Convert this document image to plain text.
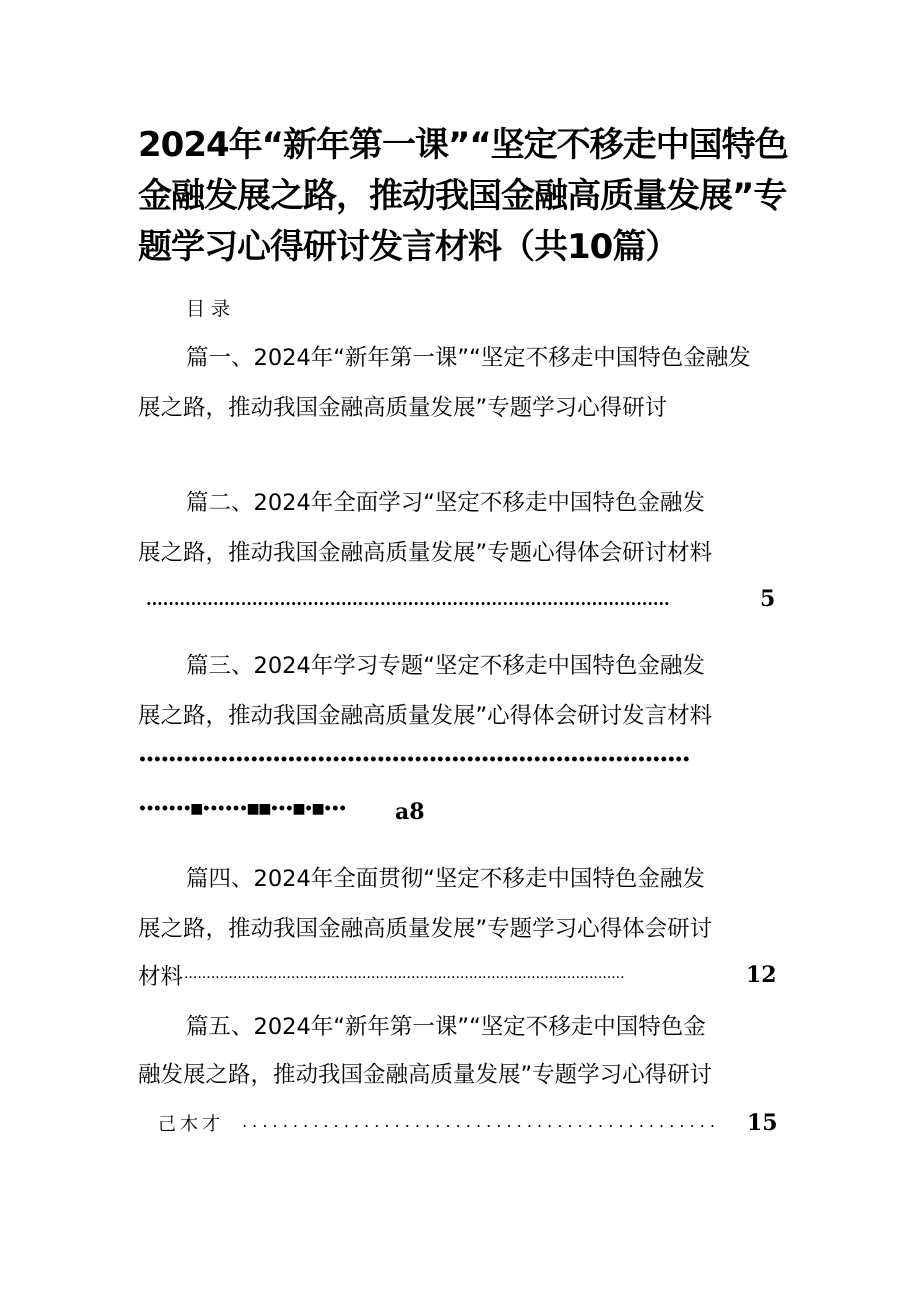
2024年“新年第一课”“坚定不移走中国特色
金融发展之路，推动我国金融高质量发展”专
题学习心得研讨发言材料（共10篇）
目录
篇一、2024年“新年第一课”“坚定不移走中国特色金融发
展之路，推动我国金融高质量发展”专题学习心得研讨
篇二、2024年全面学习“坚定不移走中国特色金融发
展之路，推动我国金融高质量发展”专题心得体会研讨材料
..............................................................................................	5
篇三、2024年学习专题“坚定不移走中国特色金融发
展之路，推动我国金融高质量发展”心得体会研讨发言材料
••••••••••••••••••••••••••••••••••••••••••••••••••••••••••••••••••••••••••
•••••••■••••••■■•••■•■•••	a8
篇四、2024年全面贯彻“坚定不移走中国特色金融发
展之路，推动我国金融高质量发展”专题学习心得体会研讨
材料 ...................................................................................................	12
篇五、2024年“新年第一课”“坚定不移走中国特色金
融发展之路，推动我国金融高质量发展”专题学习心得研讨
己木才 . . . . . . . . . . . . . . . . . . . . . . . . . . . . . . . . . . . . . . . . . . . . . . .	15
